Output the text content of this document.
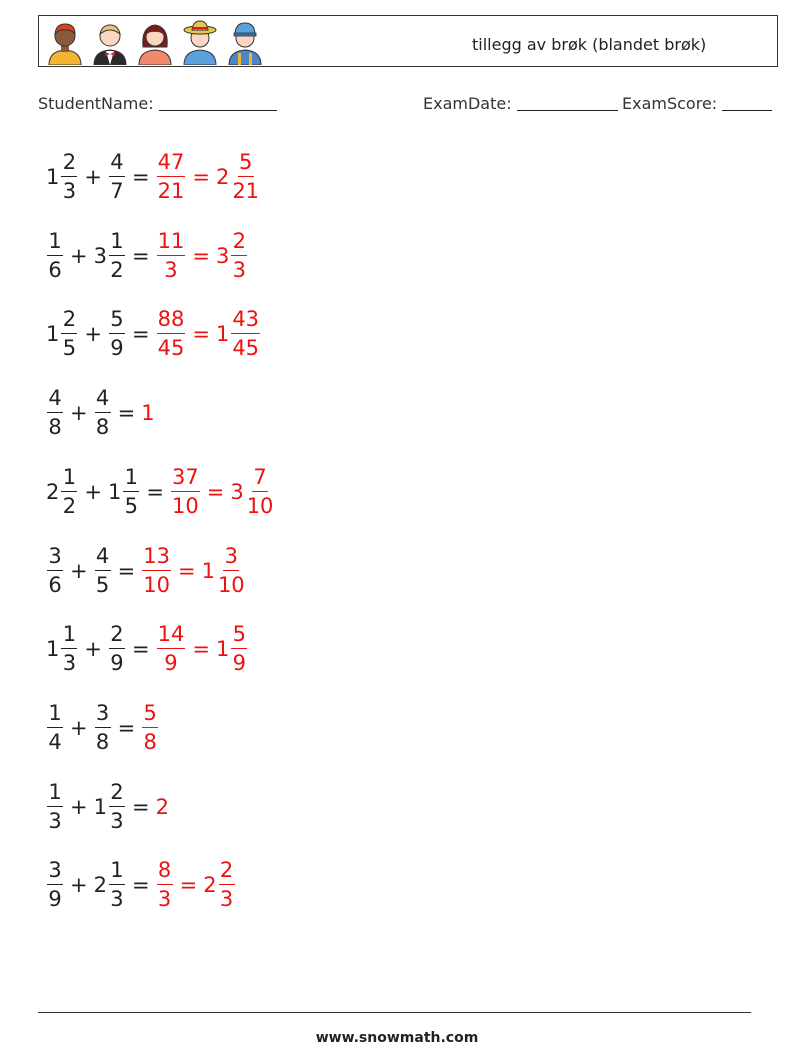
tillegg av brøk (blandet brøk)
StudentName:	ExamDate:	ExamScore:
$1 \frac{2}{3} + \frac{4}{7} = \frac{47}{21} = 2 \frac{5}{21}$
$\frac{1}{6} + 3 \frac{1}{2} = \frac{11}{3} = 3 \frac{2}{3}$
$1 \frac{2}{5} + \frac{5}{9} = \frac{88}{45} = 1 \frac{43}{45}$
$\frac{4}{8} + \frac{4}{8} = 1$
$2 \frac{1}{2} + 1 \frac{1}{5} = \frac{37}{10} = 3 \frac{7}{10}$
$\frac{3}{6} + \frac{4}{5} = \frac{13}{10} = 1 \frac{3}{10}$
$1 \frac{1}{3} + \frac{2}{9} = \frac{14}{9} = 1 \frac{5}{9}$
$\frac{1}{4} + \frac{3}{8} = \frac{5}{8}$
$\frac{1}{3} + 1 \frac{2}{3} = 2$
$\frac{3}{9} + 2 \frac{1}{3} = \frac{8}{3} = 2 \frac{2}{3}$
www.snowmath.com
